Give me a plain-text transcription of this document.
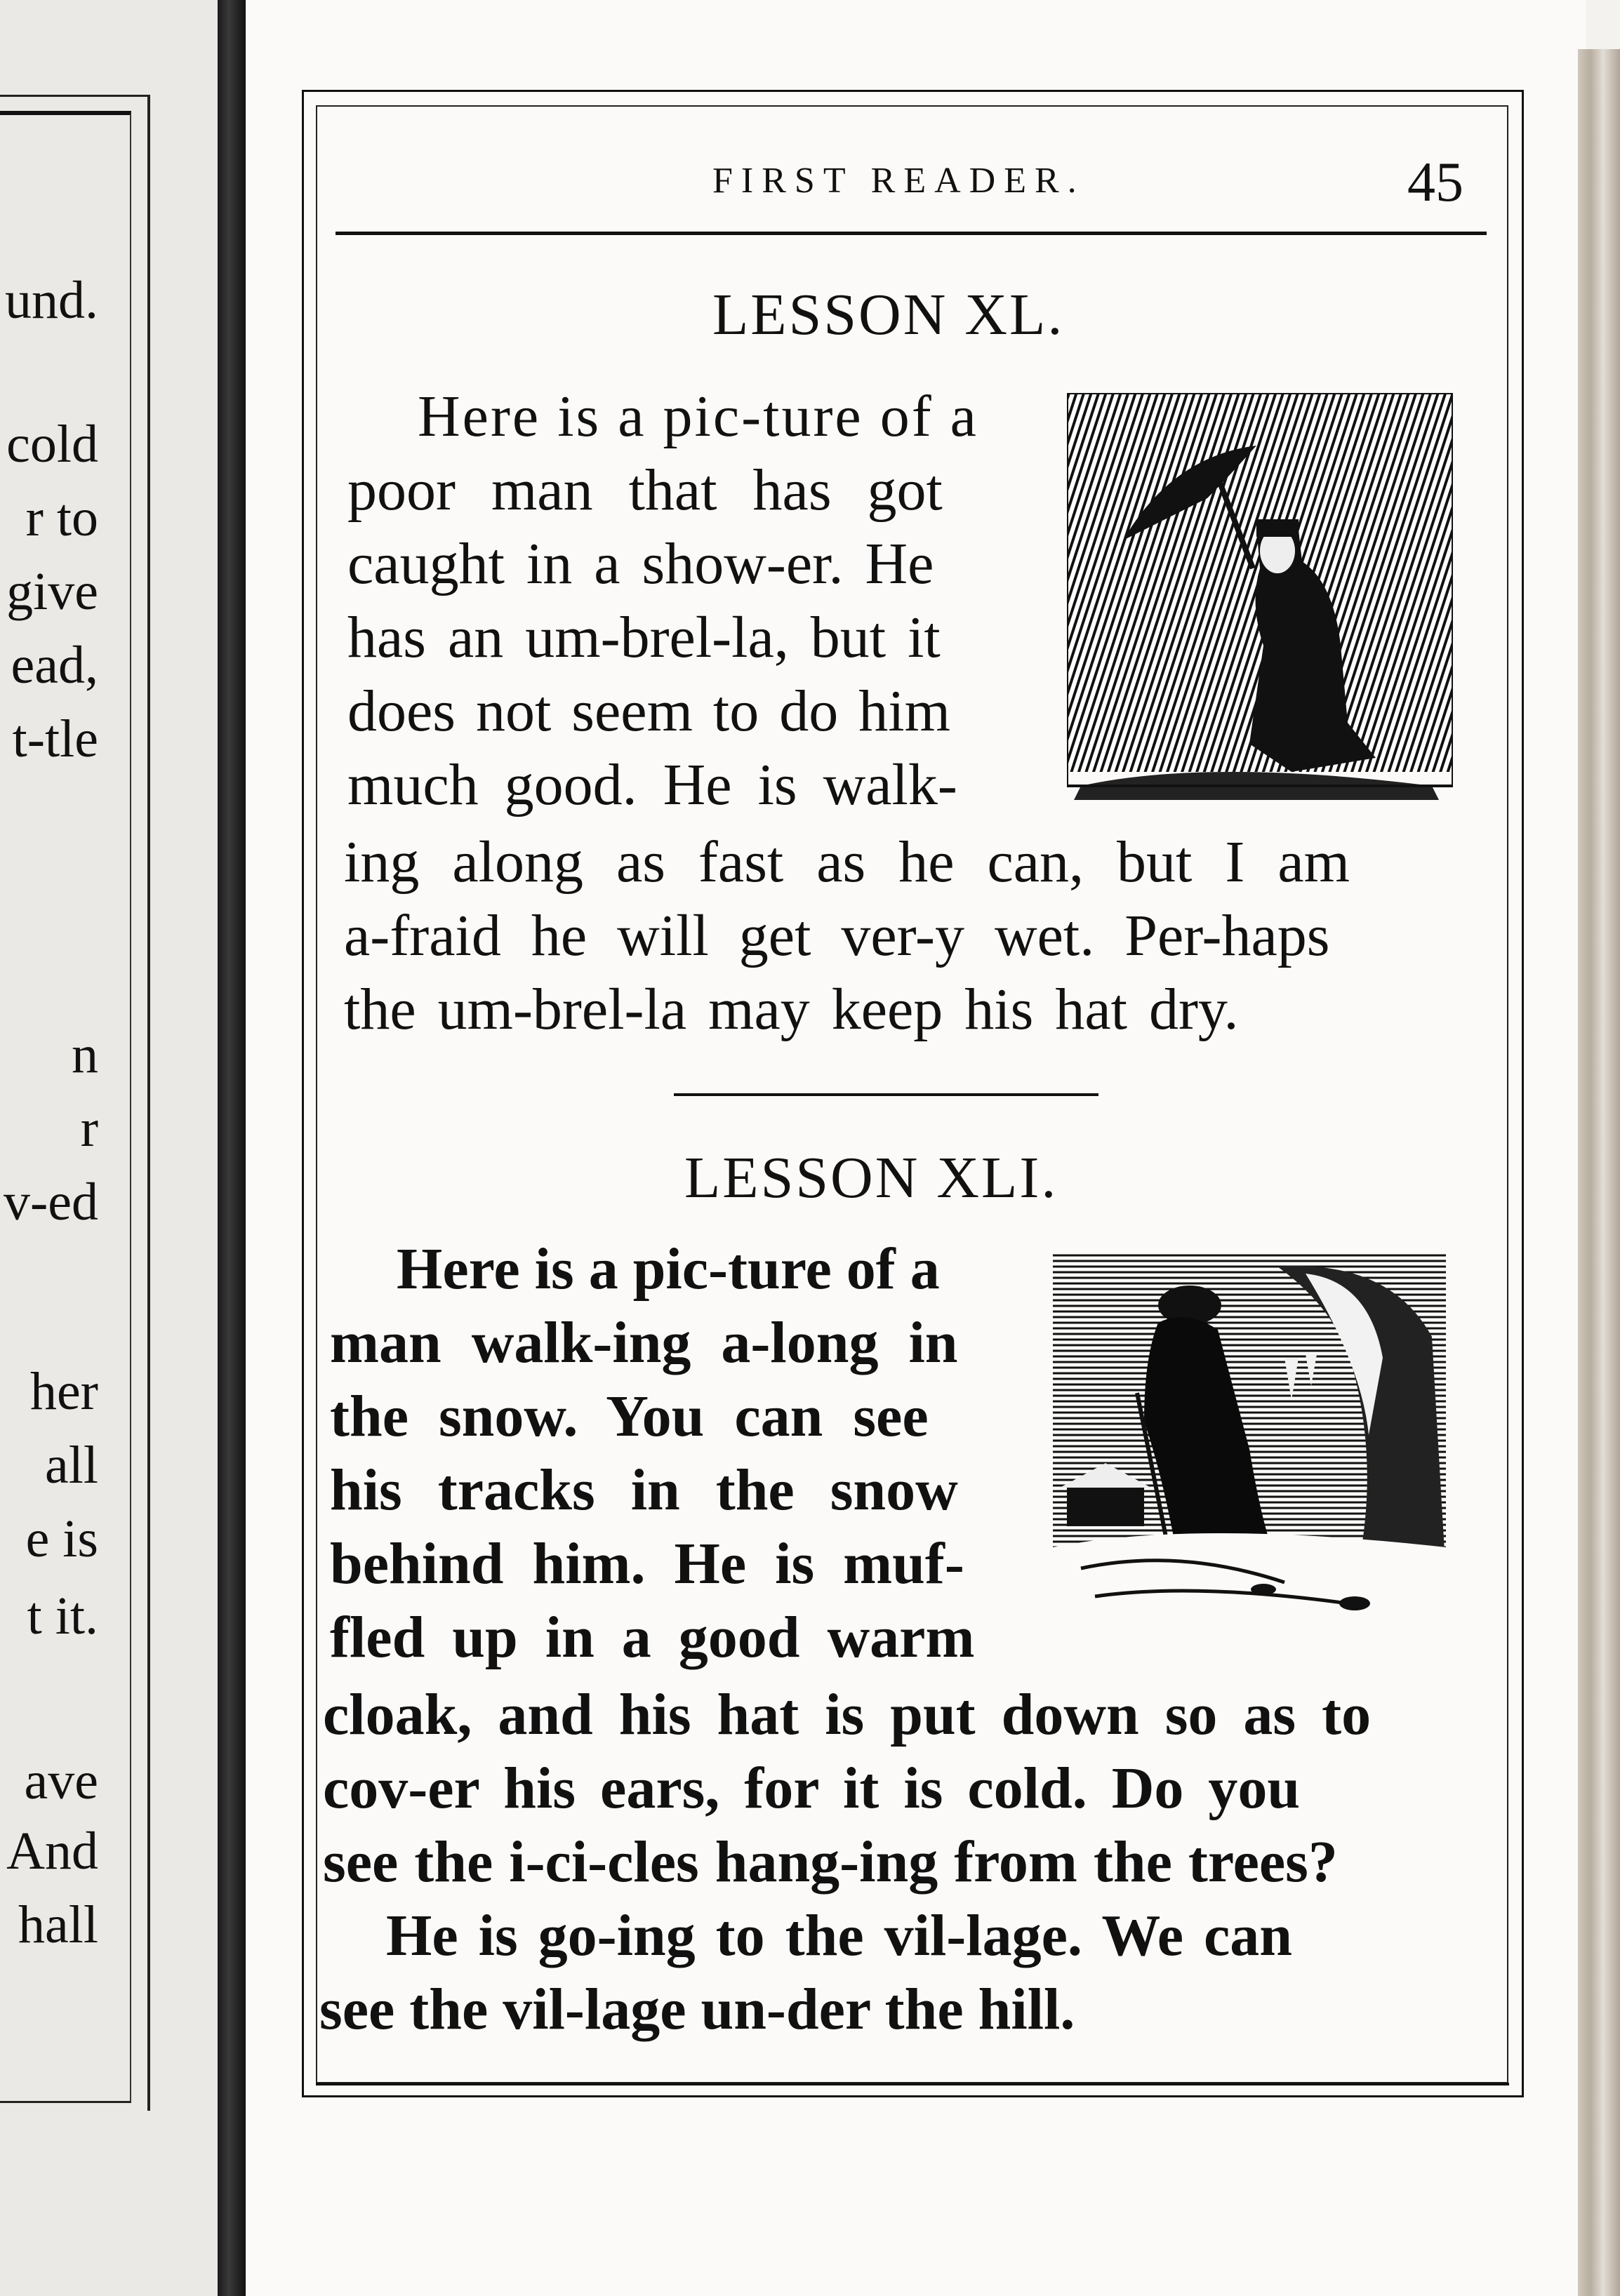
und.
cold
r to
give
ead,
t-tle
n
r
v-ed
her
all
e is
t it.
ave
And
hall
FIRST READER.	45
LESSON XL.
Here is a pic-ture of a
poor man that has got
caught in a show-er. He
has an um-brel-la, but it
does not seem to do him
much good. He is walk-
ing along as fast as he can, but I am
a-fraid he will get ver-y wet. Per-haps
the um-brel-la may keep his hat dry.
LESSON XLI.
Here is a pic-ture of a
man walk-ing a-long in
the snow. You can see
his tracks in the snow
behind him. He is muf-
fled up in a good warm
cloak, and his hat is put down so as to
cov-er his ears, for it is cold. Do you
see the i-ci-cles hang-ing from the trees?
He is go-ing to the vil-lage. We can
see the vil-lage un-der the hill.
